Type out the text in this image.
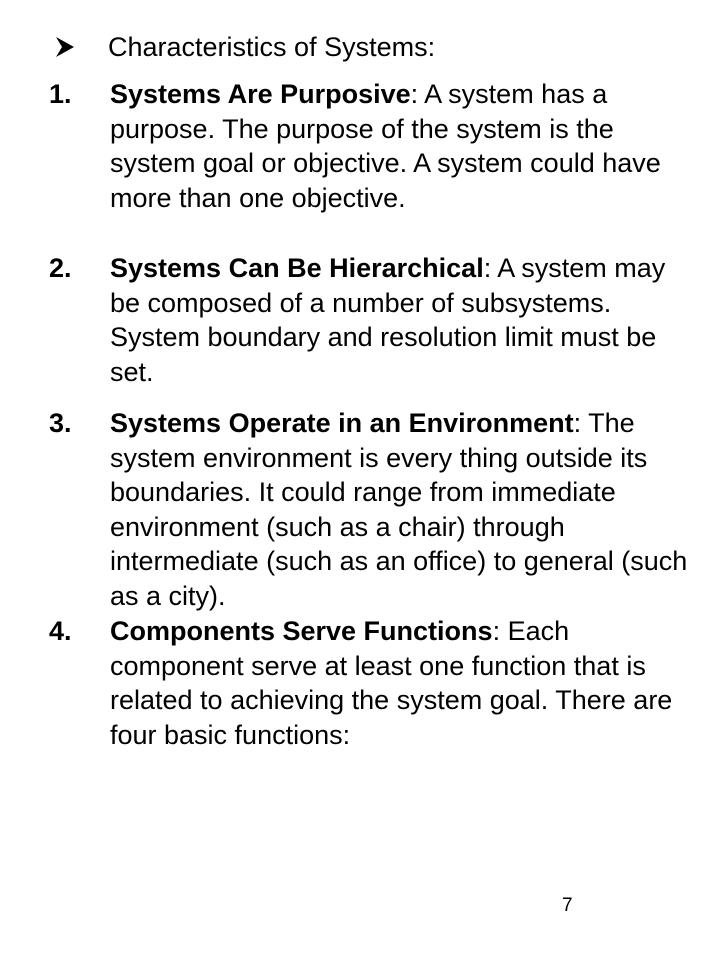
Characteristics of Systems:
1. Systems Are Purposive: A system has a purpose. The purpose of the system is the system goal or objective. A system could have more than one objective.
2. Systems Can Be Hierarchical: A system may be composed of a number of subsystems. System boundary and resolution limit must be set.
3. Systems Operate in an Environment: The system environment is every thing outside its boundaries. It could range from immediate environment (such as a chair) through intermediate (such as an office) to general (such as a city).
4. Components Serve Functions: Each component serve at least one function that is related to achieving the system goal. There are four basic functions:
7
